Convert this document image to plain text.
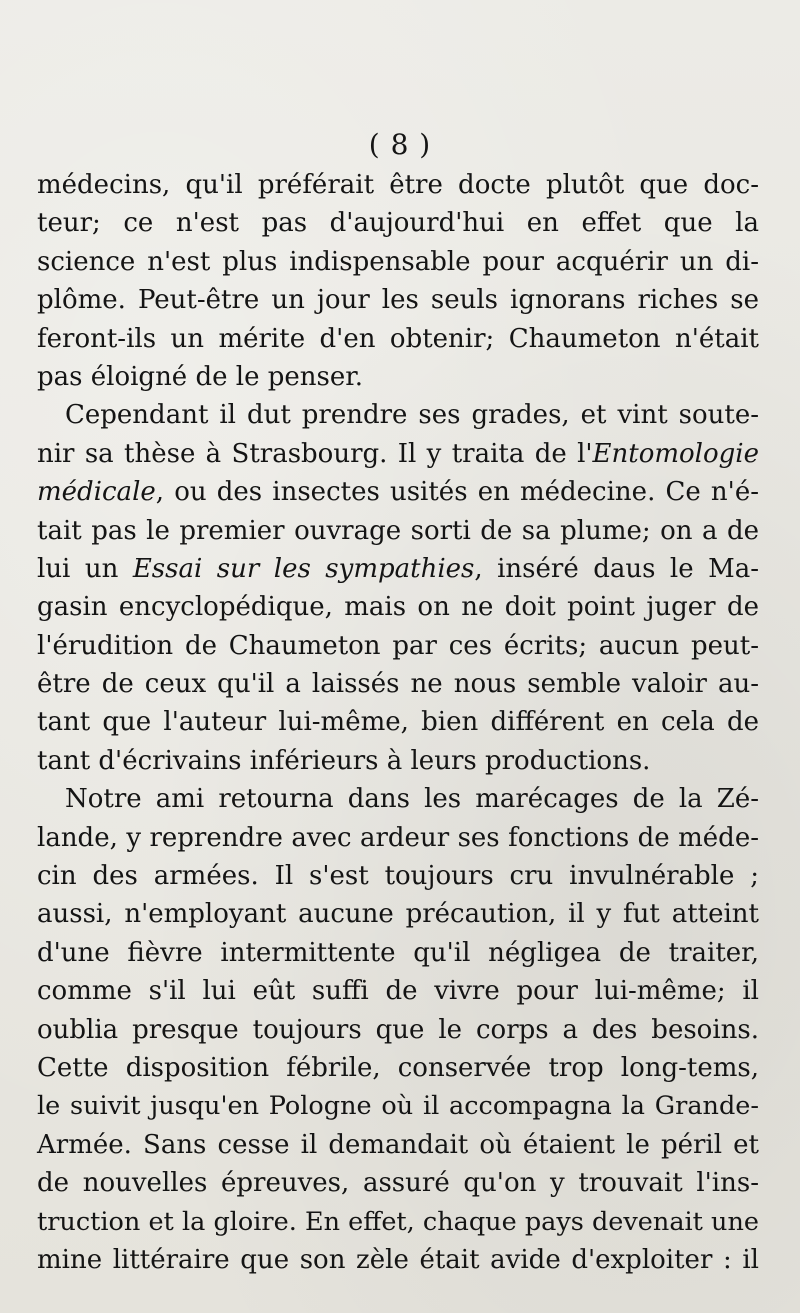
( 8 )
médecins, qu'il préférait être docte plutôt que doc-
teur; ce n'est pas d'aujourd'hui en effet que la
science n'est plus indispensable pour acquérir un di-
plôme. Peut-être un jour les seuls ignorans riches se
feront-ils un mérite d'en obtenir; Chaumeton n'était
pas éloigné de le penser.
Cependant il dut prendre ses grades, et vint soute-
nir sa thèse à Strasbourg. Il y traita de l'Entomologie
médicale, ou des insectes usités en médecine. Ce n'é-
tait pas le premier ouvrage sorti de sa plume; on a de
lui un Essai sur les sympathies, inséré daus le Ma-
gasin encyclopédique, mais on ne doit point juger de
l'érudition de Chaumeton par ces écrits; aucun peut-
être de ceux qu'il a laissés ne nous semble valoir au-
tant que l'auteur lui-même, bien différent en cela de
tant d'écrivains inférieurs à leurs productions.
Notre ami retourna dans les marécages de la Zé-
lande, y reprendre avec ardeur ses fonctions de méde-
cin des armées. Il s'est toujours cru invulnérable ;
aussi, n'employant aucune précaution, il y fut atteint
d'une fièvre intermittente qu'il négligea de traiter,
comme s'il lui eût suffi de vivre pour lui-même; il
oublia presque toujours que le corps a des besoins.
Cette disposition fébrile, conservée trop long-tems,
le suivit jusqu'en Pologne où il accompagna la Grande-
Armée. Sans cesse il demandait où étaient le péril et
de nouvelles épreuves, assuré qu'on y trouvait l'ins-
truction et la gloire. En effet, chaque pays devenait une
mine littéraire que son zèle était avide d'exploiter : il
